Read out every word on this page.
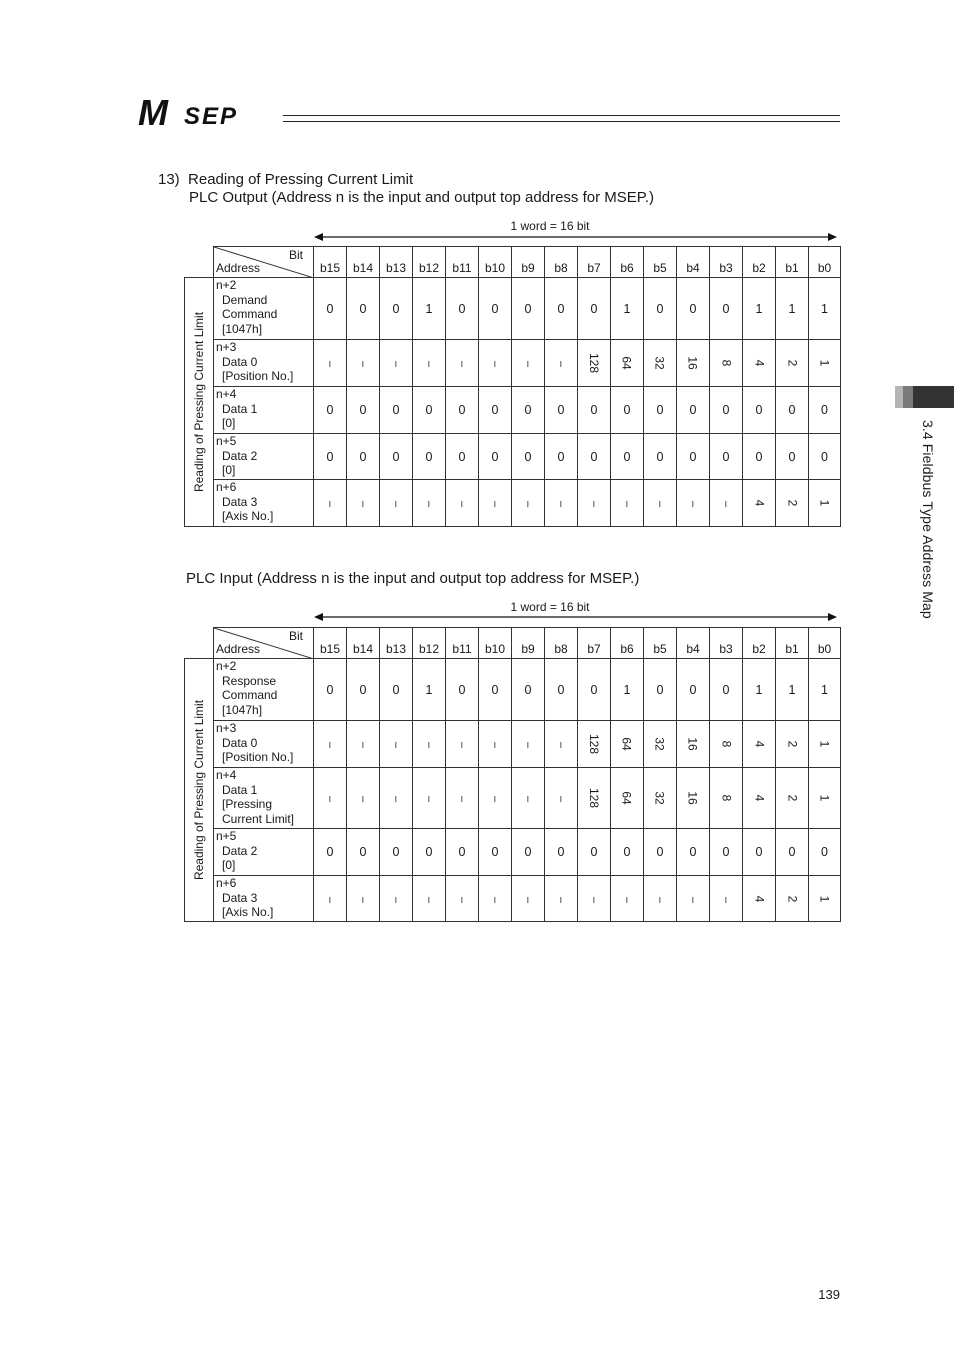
M SEP
3.4 Fieldbus Type Address Map
13) Reading of Pressing Current Limit
PLC Output (Address n is the input and output top address for MSEP.)
1 word = 16 bit

	Bit
Address	b15	b14	b13	b12	b11	b10	b9	b8	b7	b6	b5	b4	b3	b2	b1	b0

Reading of Pressing Current Limit	n+2
Demand
Command
[1047h]	0	0	0	1	0	0	0	0	0	1	0	0	0	1	1	1

	n+3
Data 0
[Position No.]	–	–	–	–	–	–	–	–	128	64	32	16	8	4	2	1

	n+4
Data 1
[0]	0	0	0	0	0	0	0	0	0	0	0	0	0	0	0	0

	n+5
Data 2
[0]	0	0	0	0	0	0	0	0	0	0	0	0	0	0	0	0

	n+6
Data 3
[Axis No.]	–	–	–	–	–	–	–	–	–	–	–	–	–	4	2	1
PLC Input (Address n is the input and output top address for MSEP.)
1 word = 16 bit

	Bit
Address	b15	b14	b13	b12	b11	b10	b9	b8	b7	b6	b5	b4	b3	b2	b1	b0

Reading of Pressing Current Limit	n+2
Response
Command
[1047h]	0	0	0	1	0	0	0	0	0	1	0	0	0	1	1	1

	n+3
Data 0
[Position No.]	–	–	–	–	–	–	–	–	128	64	32	16	8	4	2	1

	n+4
Data 1
[Pressing
Current Limit]	–	–	–	–	–	–	–	–	128	64	32	16	8	4	2	1

	n+5
Data 2
[0]	0	0	0	0	0	0	0	0	0	0	0	0	0	0	0	0

	n+6
Data 3
[Axis No.]	–	–	–	–	–	–	–	–	–	–	–	–	–	4	2	1
139
